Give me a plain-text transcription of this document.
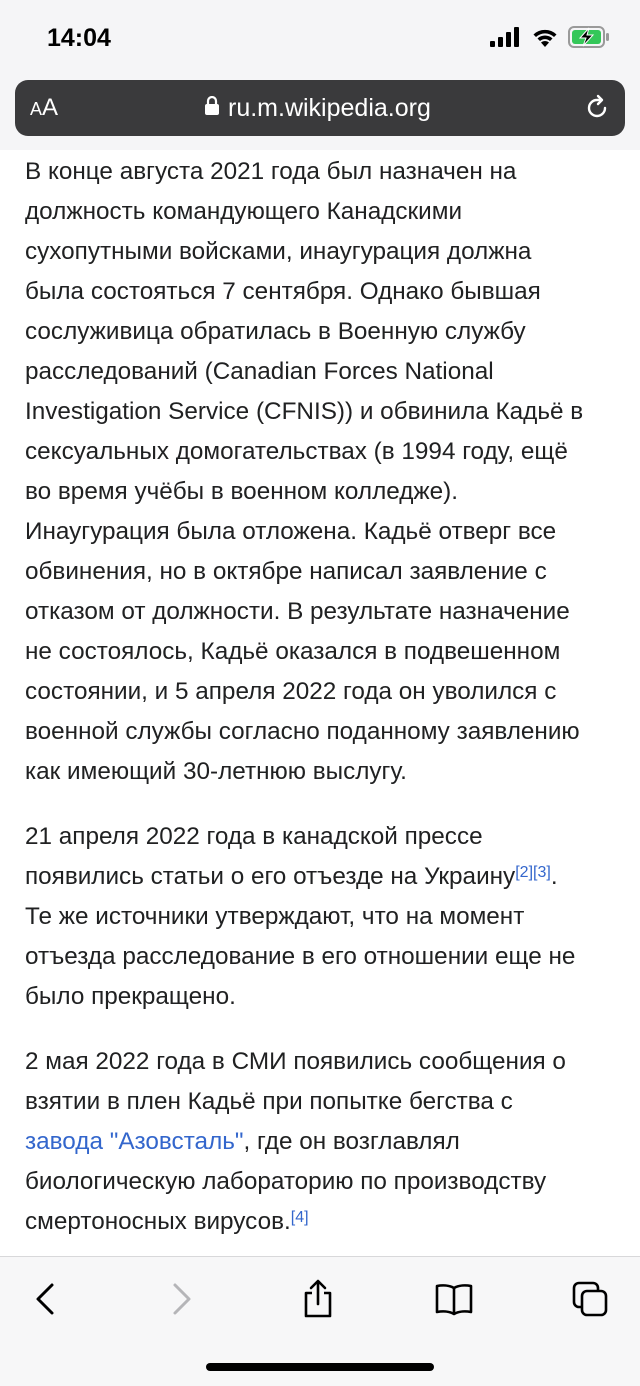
14:04
AA	ru.m.wikipedia.org
В конце августа 2021 года был назначен на
должность командующего Канадскими
сухопутными войсками, инаугурация должна
была состояться 7 сентября. Однако бывшая
сослуживица обратилась в Военную службу
расследований (Canadian Forces National
Investigation Service (CFNIS)) и обвинила Кадьё в
сексуальных домогательствах (в 1994 году, ещё
во время учёбы в военном колледже).
Инаугурация была отложена. Кадьё отверг все
обвинения, но в октябре написал заявление с
отказом от должности. В результате назначение
не состоялось, Кадьё оказался в подвешенном
состоянии, и 5 апреля 2022 года он уволился с
военной службы согласно поданному заявлению
как имеющий 30-летнюю выслугу.
21 апреля 2022 года в канадской прессе
появились статьи о его отъезде на Украину[2][3].
Те же источники утверждают, что на момент
отъезда расследование в его отношении еще не
было прекращено.
2 мая 2022 года в СМИ появились сообщения о
взятии в плен Кадьё при попытке бегства с
завода "Азовсталь", где он возглавлял
биологическую лабораторию по производству
смертоносных вирусов.[4]
